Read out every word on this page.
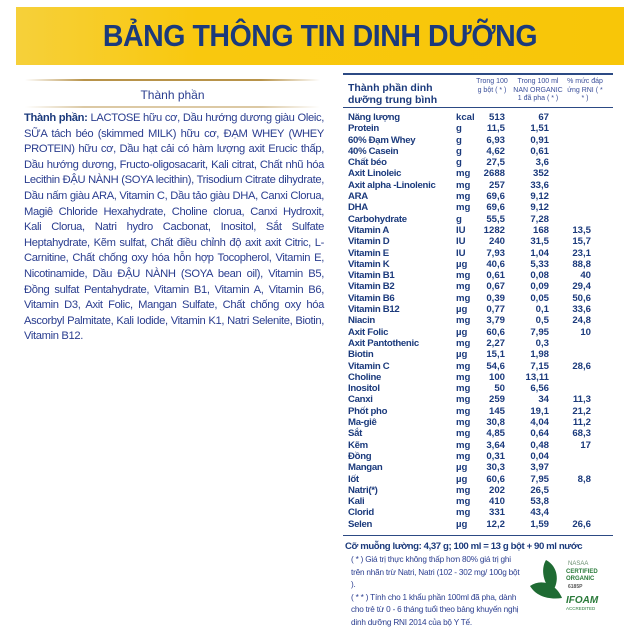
BẢNG THÔNG TIN DINH DƯỠNG
Thành phần
Thành phần: LACTOSE hữu cơ, Dầu hướng dương giàu Oleic, SỮA tách béo (skimmed MILK) hữu cơ, ĐẠM WHEY (WHEY PROTEIN) hữu cơ, Dầu hạt cải có hàm lượng axit Erucic thấp, Dầu hướng dương, Fructo-oligosacarit, Kali citrat, Chất nhũ hóa Lecithin ĐẬU NÀNH (SOYA lecithin), Trisodium Citrate dihydrate, Dầu nấm giàu ARA, Vitamin C, Dầu tảo giàu DHA, Canxi Clorua, Magiê Chloride Hexahydrate, Choline clorua, Canxi Hydroxit, Kali Clorua, Natri hydro Cacbonat, Inositol, Sắt Sulfate Heptahydrate, Kẽm sulfat, Chất điều chỉnh độ axit axit Citric, L-Carnitine, Chất chống oxy hóa hỗn hợp Tocopherol, Vitamin E, Nicotinamide, Dầu ĐẬU NÀNH (SOYA bean oil), Vitamin B5, Đồng sulfat Pentahydrate, Vitamin B1, Vitamin A, Vitamin B6, Vitamin D3, Axit Folic, Mangan Sulfate, Chất chống oxy hóa Ascorbyl Palmitate, Kali Iodide, Vitamin K1, Natri Selenite, Biotin, Vitamin B12.
Thành phần dinh dưỡng trung bình
Trong 100 g bột ( * )
Trong 100 ml NAN ORGANIC 1 đã pha ( * )
% mức đáp ứng RNI ( * * )
Năng lượng	kcal 513	67
Protein	g	11,5	1,51
60% Đạm Whey	g	6,93	0,91
40% Casein	g	4,62	0,61
Chất béo	g	27,5	3,6
Axit Linoleic	mg 2688	352
Axit alpha -Linolenic mg 257	33,6
ARA	mg 69,6	9,12
DHA	mg 69,6	9,12
Carbohydrate	g	55,5	7,28
Vitamin A	IU 1282	168 13,5
Vitamin D	IU 240	31,5 15,7
Vitamin E	IU 7,93	1,04 23,1
Vitamin K	µg 40,6	5,33 88,8
Vitamin B1	mg 0,61	0,08	40
Vitamin B2	mg 0,67	0,09 29,4
Vitamin B6	mg 0,39	0,05 50,6
Vitamin B12	µg 0,77	0,1 33,6
Niacin	mg 3,79	0,5 24,8
Axit Folic	µg 60,6	7,95	10
Axit Pantothenic	mg 2,27	0,3
Biotin	µg 15,1	1,98
Vitamin C	mg 54,6	7,15 28,6
Choline	mg 100 13,11
Inositol	mg 50	6,56
Canxi	mg 259	34 11,3
Phốt pho	mg 145	19,1 21,2
Ma-giê	mg 30,8	4,04 11,2
Sắt	mg 4,85	0,64 68,3
Kẽm	mg 3,64	0,48	17
Đồng	mg 0,31	0,04
Mangan	µg 30,3	3,97
Iốt	µg 60,6	7,95	8,8
Natri(*)	mg 202	26,5
Kali	mg 410	53,8
Clorid	mg 331	43,4
Selen	µg 12,2	1,59 26,6
Cỡ muỗng lường: 4,37 g; 100 ml = 13 g bột + 90 ml nước
( * ) Giá trị thực không thấp hơn 80% giá trị ghi trên nhãn trừ Natri, Natri (102 - 302 mg/ 100g bột ).
( * * ) Tính cho 1 khẩu phần 100ml đã pha, dành cho trẻ từ 0 - 6 tháng tuổi theo bảng khuyến nghị dinh dưỡng RNI 2014 của bộ Y Tế.
NASAA
CERTIFIED
ORGANIC
6185P
IFOAM
ACCREDITED
